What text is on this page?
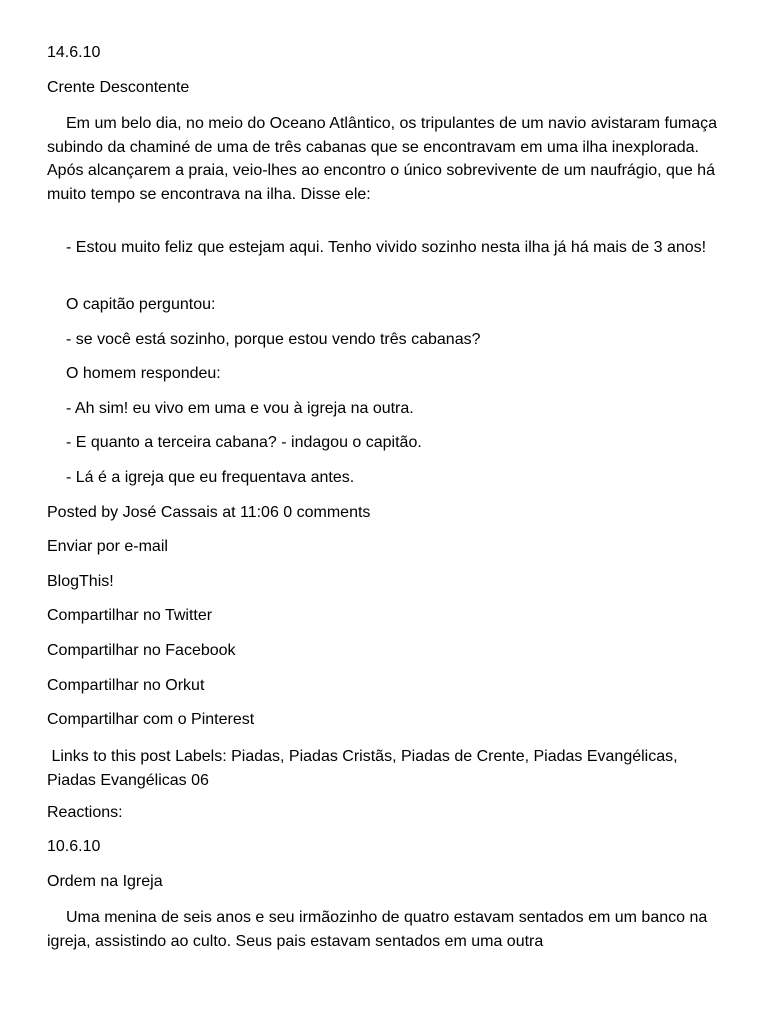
14.6.10
Crente Descontente
Em um belo dia, no meio do Oceano Atlântico, os tripulantes de um navio avistaram fumaça subindo da chaminé de uma de três cabanas que se encontravam em uma ilha inexplorada. Após alcançarem a praia, veio-lhes ao encontro o único sobrevivente de um naufrágio, que há muito tempo se encontrava na ilha. Disse ele:
- Estou muito feliz que estejam aqui. Tenho vivido sozinho nesta ilha já há mais de 3 anos!
O capitão perguntou:
- se você está sozinho, porque estou vendo três cabanas?
O homem respondeu:
- Ah sim! eu vivo em uma e vou à igreja na outra.
- E quanto a terceira cabana? - indagou o capitão.
- Lá é a igreja que eu frequentava antes.
Posted by José Cassais at 11:06 0 comments
Enviar por e-mail
BlogThis!
Compartilhar no Twitter
Compartilhar no Facebook
Compartilhar no Orkut
Compartilhar com o Pinterest
Links to this post Labels: Piadas, Piadas Cristãs, Piadas de Crente, Piadas Evangélicas, Piadas Evangélicas 06
Reactions:
10.6.10
Ordem na Igreja
Uma menina de seis anos e seu irmãozinho de quatro estavam sentados em um banco na igreja, assistindo ao culto. Seus pais estavam sentados em uma outra
